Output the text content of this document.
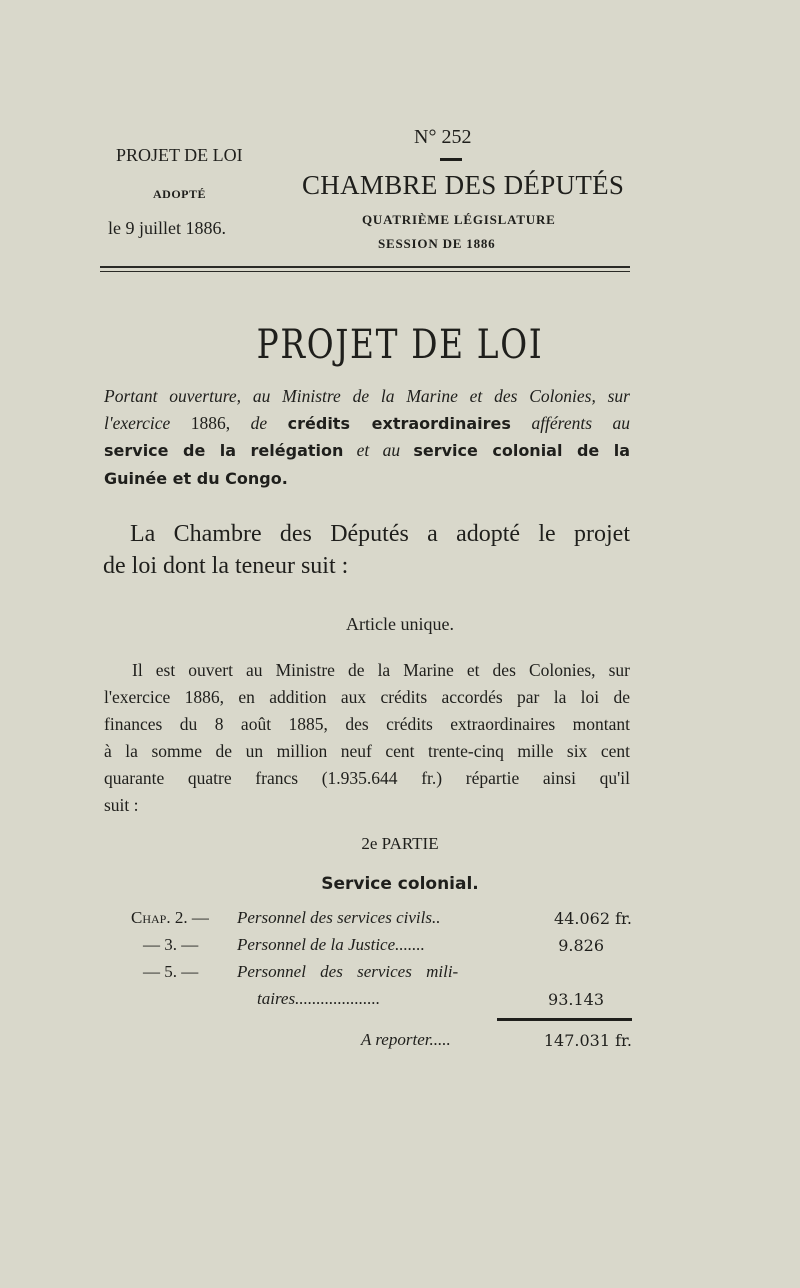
PROJET DE LOI
ADOPTÉ
le 9 juillet 1886.
N° 252
CHAMBRE DES DÉPUTÉS
QUATRIÈME LÉGISLATURE
SESSION DE 1886
PROJET DE LOI
Portant ouverture, au Ministre de la Marine et des Colonies, sur
l'exercice 1886, de crédits extraordinaires afférents au
service de la relégation et au service colonial de la
Guinée et du Congo.
La Chambre des Députés a adopté le projet
de loi dont la teneur suit :
Article unique.
Il est ouvert au Ministre de la Marine et des Colonies, sur
l'exercice 1886, en addition aux crédits accordés par la loi de
finances du 8 août 1885, des crédits extraordinaires montant
à la somme de un million neuf cent trente-cinq mille six cent
quarante quatre francs (1.935.644 fr.) répartie ainsi qu'il
suit :
2e PARTIE
Service colonial.
Chap. 2. — Personnel des services civils..	44.062 fr.
— 3. — Personnel de la Justice.......	9.826
— 5. — Personnel des services mili-
taires....................	93.143
A reporter.....	147.031 fr.
